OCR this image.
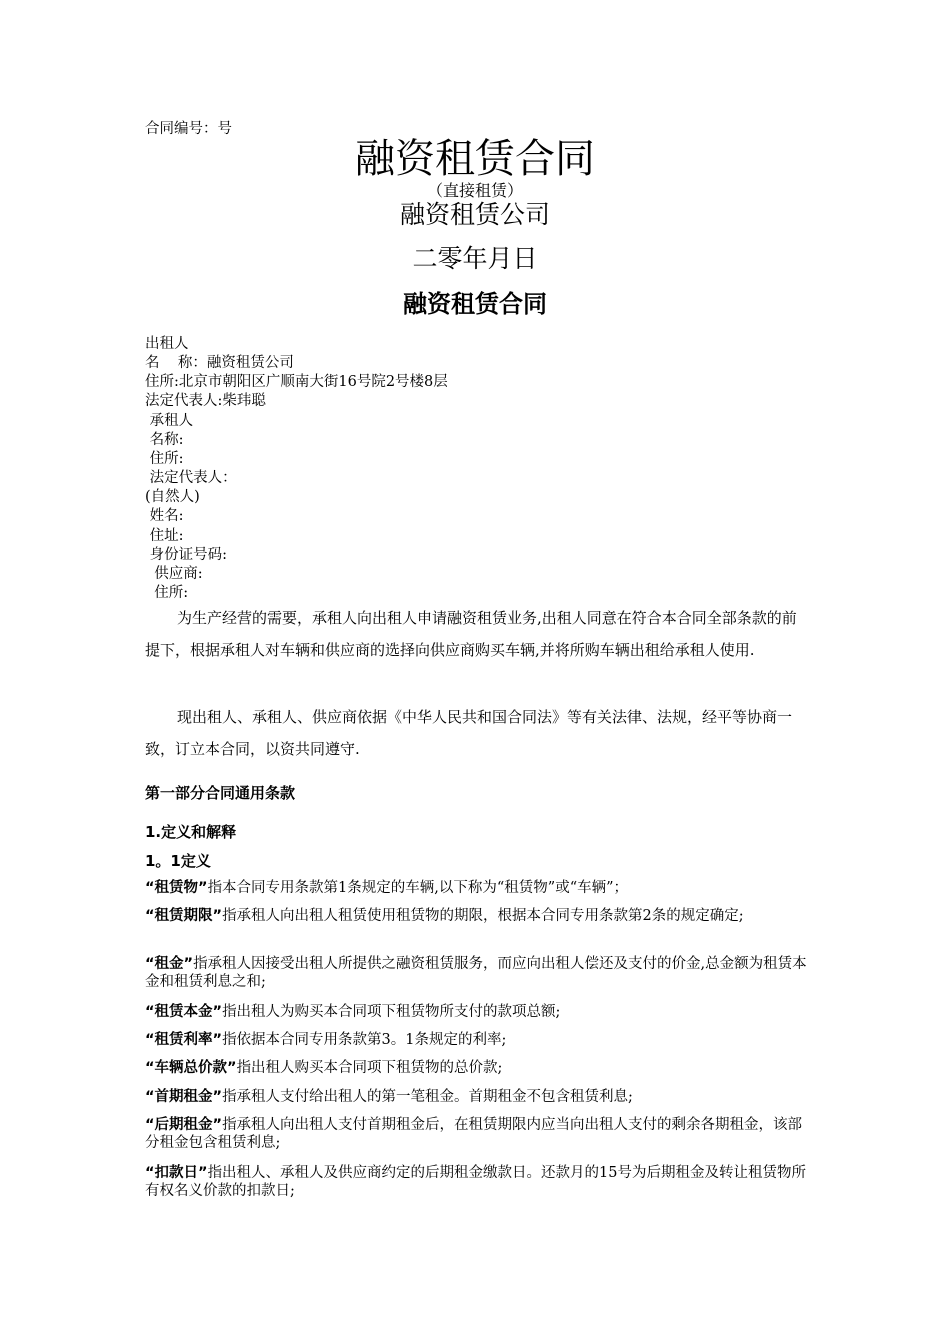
合同编号：号
融资租赁合同
（直接租赁）
融资租赁公司
二零年月日
融资租赁合同
出租人
名    称：融资租赁公司
住所:北京市朝阳区广顺南大街16号院2号楼8层
法定代表人:柴玮聪
承租人
名称:
住所:
法定代表人：
(自然人)
姓名:
住址:
身份证号码:
供应商:
住所:
为生产经营的需要，承租人向出租人申请融资租赁业务,出租人同意在符合本合同全部条款的前提下，根据承租人对车辆和供应商的选择向供应商购买车辆,并将所购车辆出租给承租人使用.
现出租人、承租人、供应商依据《中华人民共和国合同法》等有关法律、法规，经平等协商一致，订立本合同，以资共同遵守.
第一部分合同通用条款
1.定义和解释
1。1定义
“租赁物”指本合同专用条款第1条规定的车辆,以下称为“租赁物”或“车辆”；
“租赁期限”指承租人向出租人租赁使用租赁物的期限，根据本合同专用条款第2条的规定确定;
“租金”指承租人因接受出租人所提供之融资租赁服务，而应向出租人偿还及支付的价金,总金额为租赁本金和租赁利息之和;
“租赁本金”指出租人为购买本合同项下租赁物所支付的款项总额;
“租赁利率”指依据本合同专用条款第3。1条规定的利率;
“车辆总价款”指出租人购买本合同项下租赁物的总价款;
“首期租金”指承租人支付给出租人的第一笔租金。首期租金不包含租赁利息;
“后期租金”指承租人向出租人支付首期租金后，在租赁期限内应当向出租人支付的剩余各期租金，该部分租金包含租赁利息;
“扣款日”指出租人、承租人及供应商约定的后期租金缴款日。还款月的15号为后期租金及转让租赁物所有权名义价款的扣款日;
